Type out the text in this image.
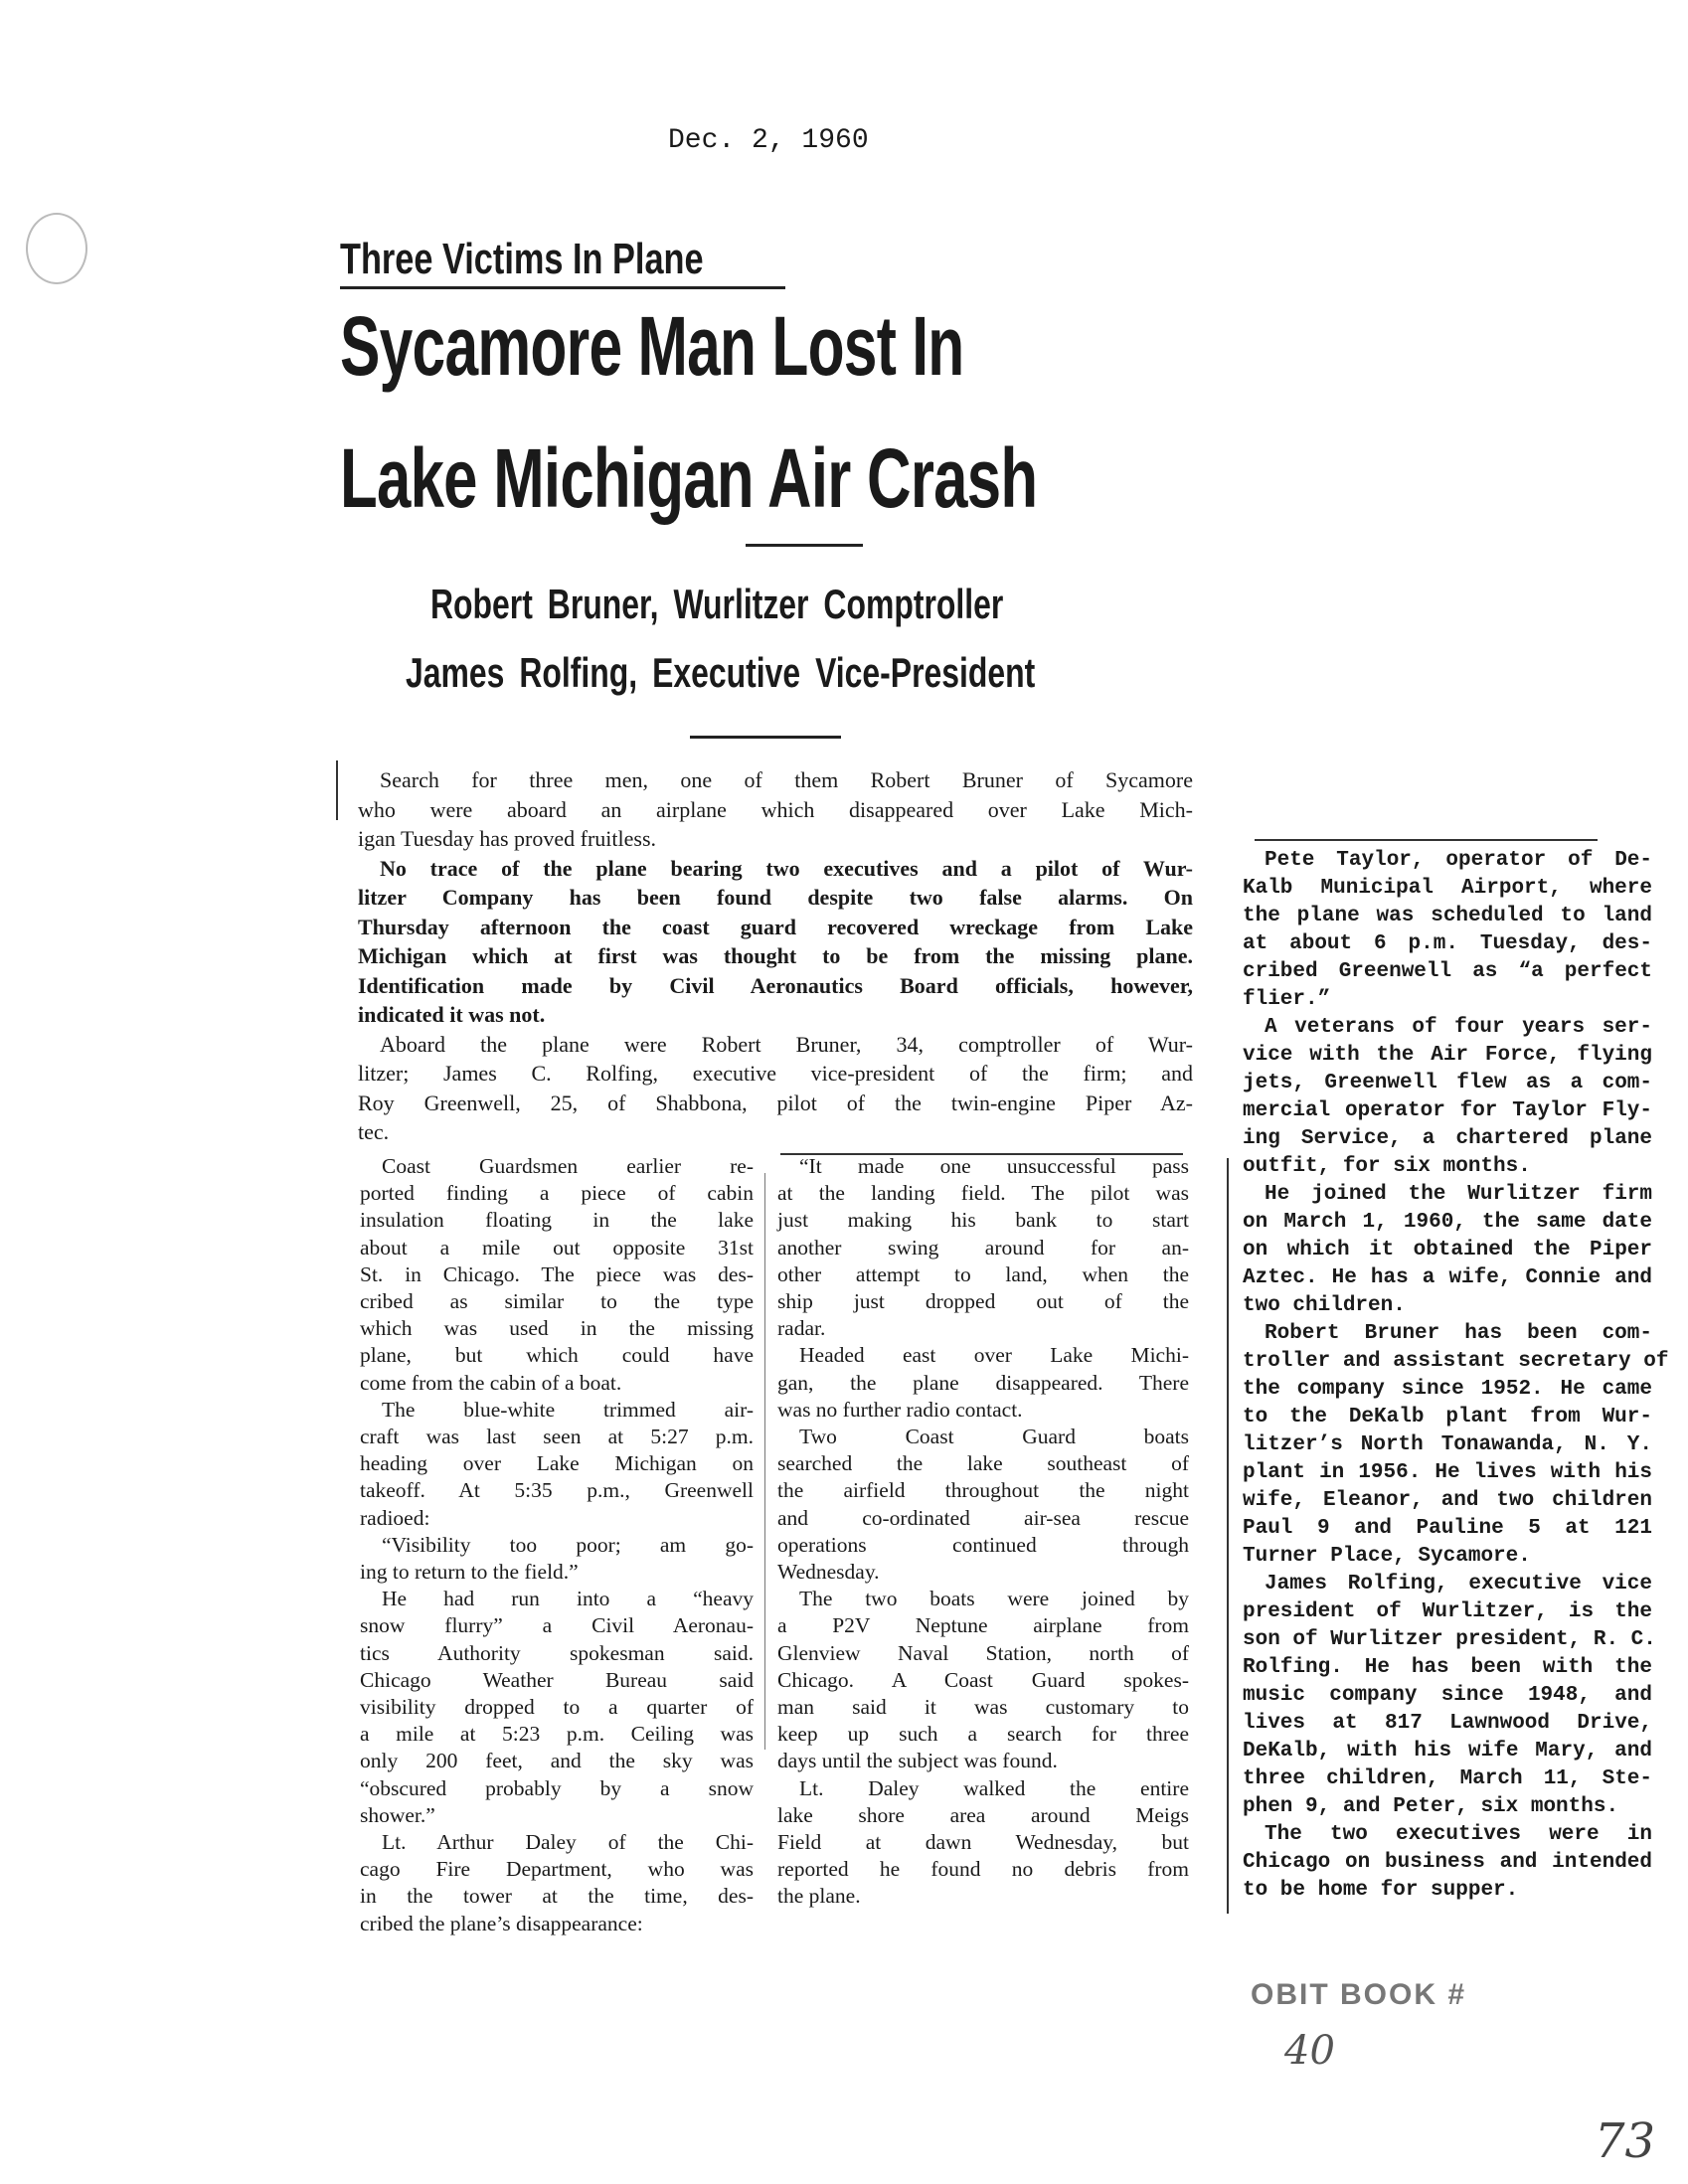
Dec. 2, 1960
Three Victims In Plane
Sycamore Man Lost In
Lake Michigan Air Crash
Robert Bruner, Wurlitzer Comptroller
James Rolfing, Executive Vice-President
Search for three men, one of them Robert Bruner of Sycamore
who were aboard an airplane which disappeared over Lake Mich-
igan Tuesday has proved fruitless.
No trace of the plane bearing two executives and a pilot of Wur-
litzer Company has been found despite two false alarms. On
Thursday afternoon the coast guard recovered wreckage from Lake
Michigan which at first was thought to be from the missing plane.
Identification made by Civil Aeronautics Board officials, however,
indicated it was not.
Aboard the plane were Robert Bruner, 34, comptroller of Wur-
litzer; James C. Rolfing, executive vice-president of the firm; and
Roy Greenwell, 25, of Shabbona, pilot of the twin-engine Piper Az-
tec.
Coast Guardsmen earlier re-
ported finding a piece of cabin
insulation floating in the lake
about a mile out opposite 31st
St. in Chicago. The piece was des-
cribed as similar to the type
which was used in the missing
plane, but which could have
come from the cabin of a boat.
The blue-white trimmed air-
craft was last seen at 5:27 p.m.
heading over Lake Michigan on
takeoff. At 5:35 p.m., Greenwell
radioed:
“Visibility too poor; am go-
ing to return to the field.”
He had run into a “heavy
snow flurry” a Civil Aeronau-
tics Authority spokesman said.
Chicago Weather Bureau said
visibility dropped to a quarter of
a mile at 5:23 p.m. Ceiling was
only 200 feet, and the sky was
“obscured probably by a snow
shower.”
Lt. Arthur Daley of the Chi-
cago Fire Department, who was
in the tower at the time, des-
cribed the plane’s disappearance:
“It made one unsuccessful pass
at the landing field. The pilot was
just making his bank to start
another swing around for an-
other attempt to land, when the
ship just dropped out of the
radar.
Headed east over Lake Michi-
gan, the plane disappeared. There
was no further radio contact.
Two Coast Guard boats
searched the lake southeast of
the airfield throughout the night
and co-ordinated air-sea rescue
operations continued through
Wednesday.
The two boats were joined by
a P2V Neptune airplane from
Glenview Naval Station, north of
Chicago. A Coast Guard spokes-
man said it was customary to
keep up such a search for three
days until the subject was found.
Lt. Daley walked the entire
lake shore area around Meigs
Field at dawn Wednesday, but
reported he found no debris from
the plane.
Pete Taylor, operator of De-
Kalb Municipal Airport, where
the plane was scheduled to land
at about 6 p.m. Tuesday, des-
cribed Greenwell as “a perfect
flier.”
A veterans of four years ser-
vice with the Air Force, flying
jets, Greenwell flew as a com-
mercial operator for Taylor Fly-
ing Service, a chartered plane
outfit, for six months.
He joined the Wurlitzer firm
on March 1, 1960, the same date
on which it obtained the Piper
Aztec. He has a wife, Connie and
two children.
Robert Bruner has been com-
troller and assistant secretary of
the company since 1952. He came
to the DeKalb plant from Wur-
litzer’s North Tonawanda, N. Y.
plant in 1956. He lives with his
wife, Eleanor, and two children
Paul 9 and Pauline 5 at 121
Turner Place, Sycamore.
James Rolfing, executive vice
president of Wurlitzer, is the
son of Wurlitzer president, R. C.
Rolfing. He has been with the
music company since 1948, and
lives at 817 Lawnwood Drive,
DeKalb, with his wife Mary, and
three children, March 11, Ste-
phen 9, and Peter, six months.
The two executives were in
Chicago on business and intended
to be home for supper.
OBIT BOOK #
40
73
